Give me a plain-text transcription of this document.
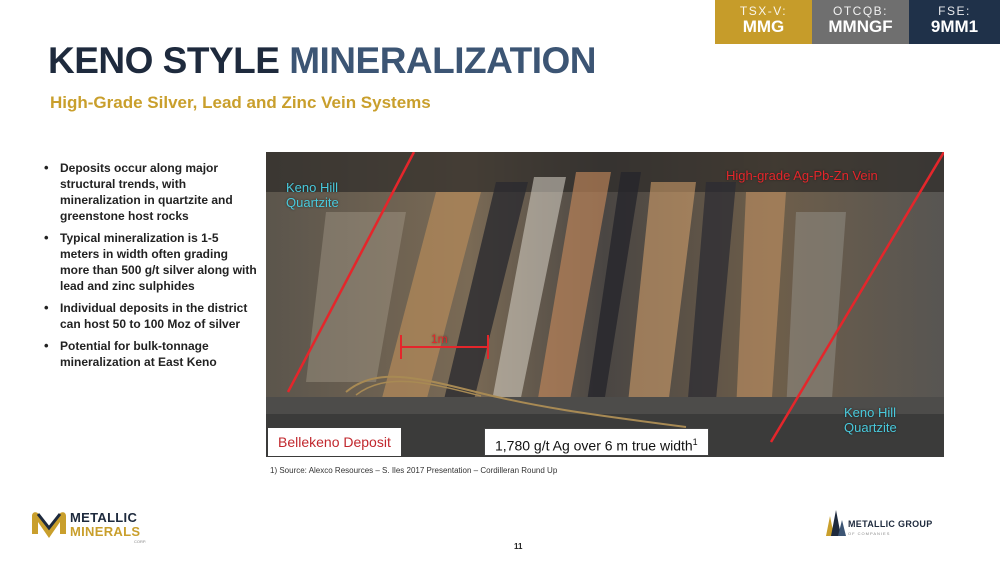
TSX-V:
MMG
OTCQB:
MMNGF
FSE:
9MM1
KENO STYLE MINERALIZATION

High-Grade Silver, Lead and Zinc Vein Systems

• Deposits occur along major structural trends, with mineralization in quartzite and greenstone host rocks
• Typical mineralization is 1-5 meters in width often grading more than 500 g/t silver along with lead and zinc sulphides
• Individual deposits in the district can host 50 to 100 Moz of silver
• Potential for bulk-tonnage mineralization at East Keno
Keno Hill
Quartzite
High-grade Ag-Pb-Zn Vein
1m
Keno Hill
Quartzite
Bellekeno Deposit	1,780 g/t Ag over 6 m true width$^1$
1) Source: Alexco Resources – S. Iles 2017 Presentation – Cordilleran Round Up
METALLIC
MINERALS
CORP.
METALLIC GROUP
OF COMPANIES
11
